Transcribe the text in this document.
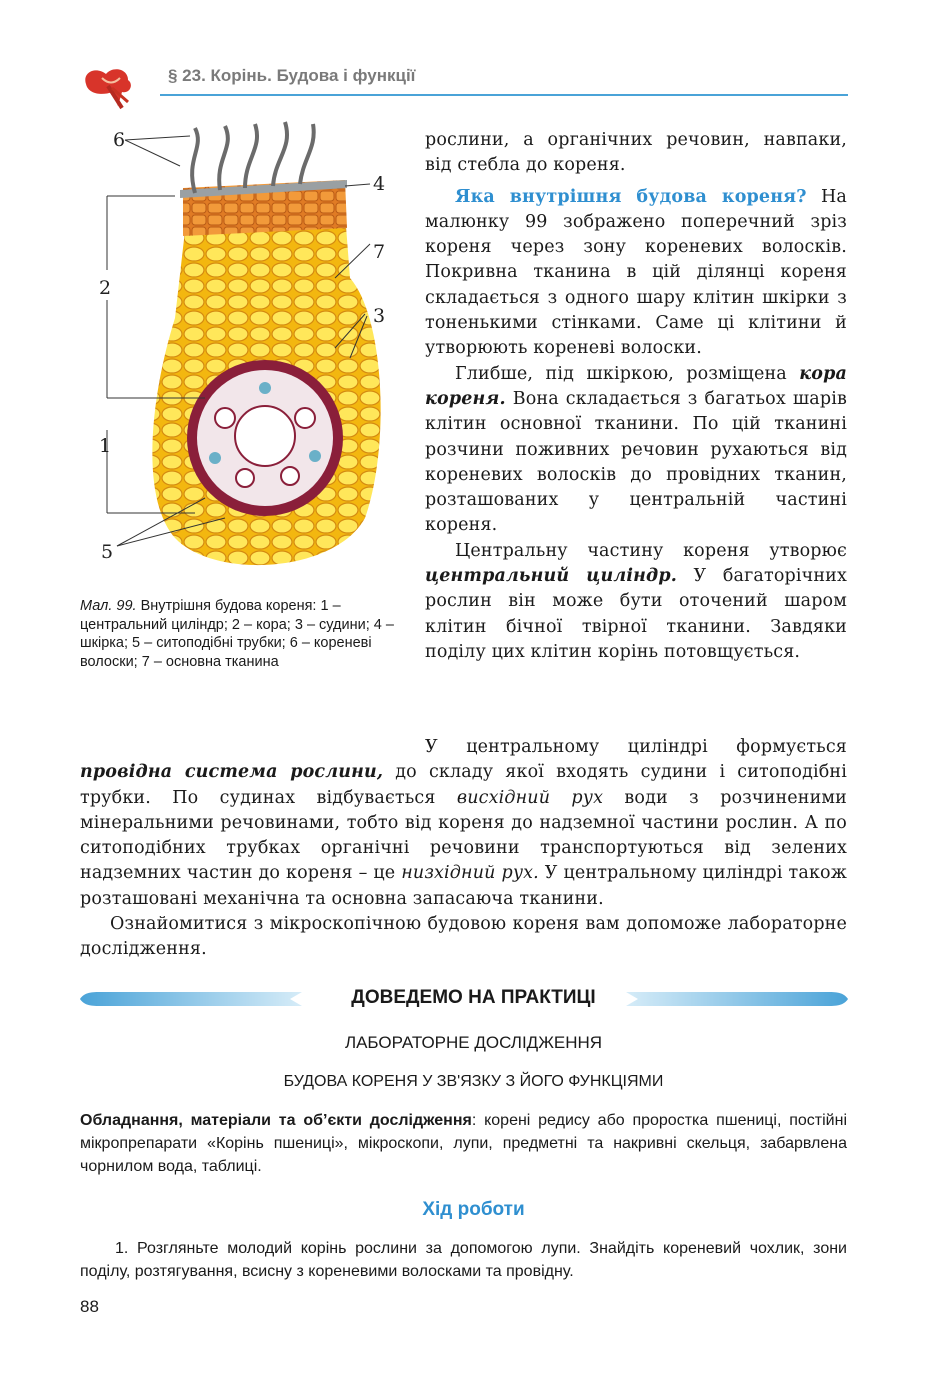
§ 23. Корінь. Будова і функції
6
4
7
2
3
1
5
Мал. 99. Внутрішня будова кореня: 1 – центральний циліндр; 2 – кора; 3 – судини; 4 – шкірка; 5 – ситоподібні трубки; 6 – кореневі волоски; 7 – основна тканина

рослини, а органічних речовин, навпаки, від стебла до кореня.

Яка внутрішня будова кореня? На малюнку 99 зображено поперечний зріз кореня через зону кореневих волосків. Покривна тканина в цій ділянці кореня складається з одного шару клітин шкірки з тоненькими стінками. Саме ці клітини й утворюють кореневі волоски.

Глибше, під шкіркою, розміщена кора кореня. Вона складається з багатьох шарів клітин основної тканини. По цій тканині розчини поживних речовин рухаються від кореневих волосків до провідних тканин, розташованих у центральній частині кореня.

Центральну частину кореня утворює центральний циліндр. У багаторічних рослин він може бути оточений шаром клітин бічної твірної тканини. Завдяки поділу цих клітин корінь потовщується.

У центральному циліндрі формується провідна система рослини, до складу якої входять судини і ситоподібні трубки. По судинах відбувається висхідний рух води з розчиненими мінеральними речовинами, тобто від кореня до надземної частини рослин. А по ситоподібних трубках органічні речовини транспортуються від зелених надземних частин до кореня – це низхідний рух. У центральному циліндрі також розташовані механічна та основна запасаюча тканини.

Ознайомитися з мікроскопічною будовою кореня вам допоможе лабораторне дослідження.

ДОВЕДЕМО НА ПРАКТИЦІ
ЛАБОРАТОРНЕ ДОСЛІДЖЕННЯ
БУДОВА КОРЕНЯ У ЗВ'ЯЗКУ З ЙОГО ФУНКЦІЯМИ
Обладнання, матеріали та об’єкти дослідження: корені редису або проростка пшениці, постійні мікропрепарати «Корінь пшениці», мікроскопи, лупи, предметні та накривні скельця, забарвлена чорнилом вода, таблиці.
Хід роботи
1. Розгляньте молодий корінь рослини за допомогою лупи. Знайдіть кореневий чохлик, зони поділу, розтягування, всисну з кореневими волосками та провідну.
88
